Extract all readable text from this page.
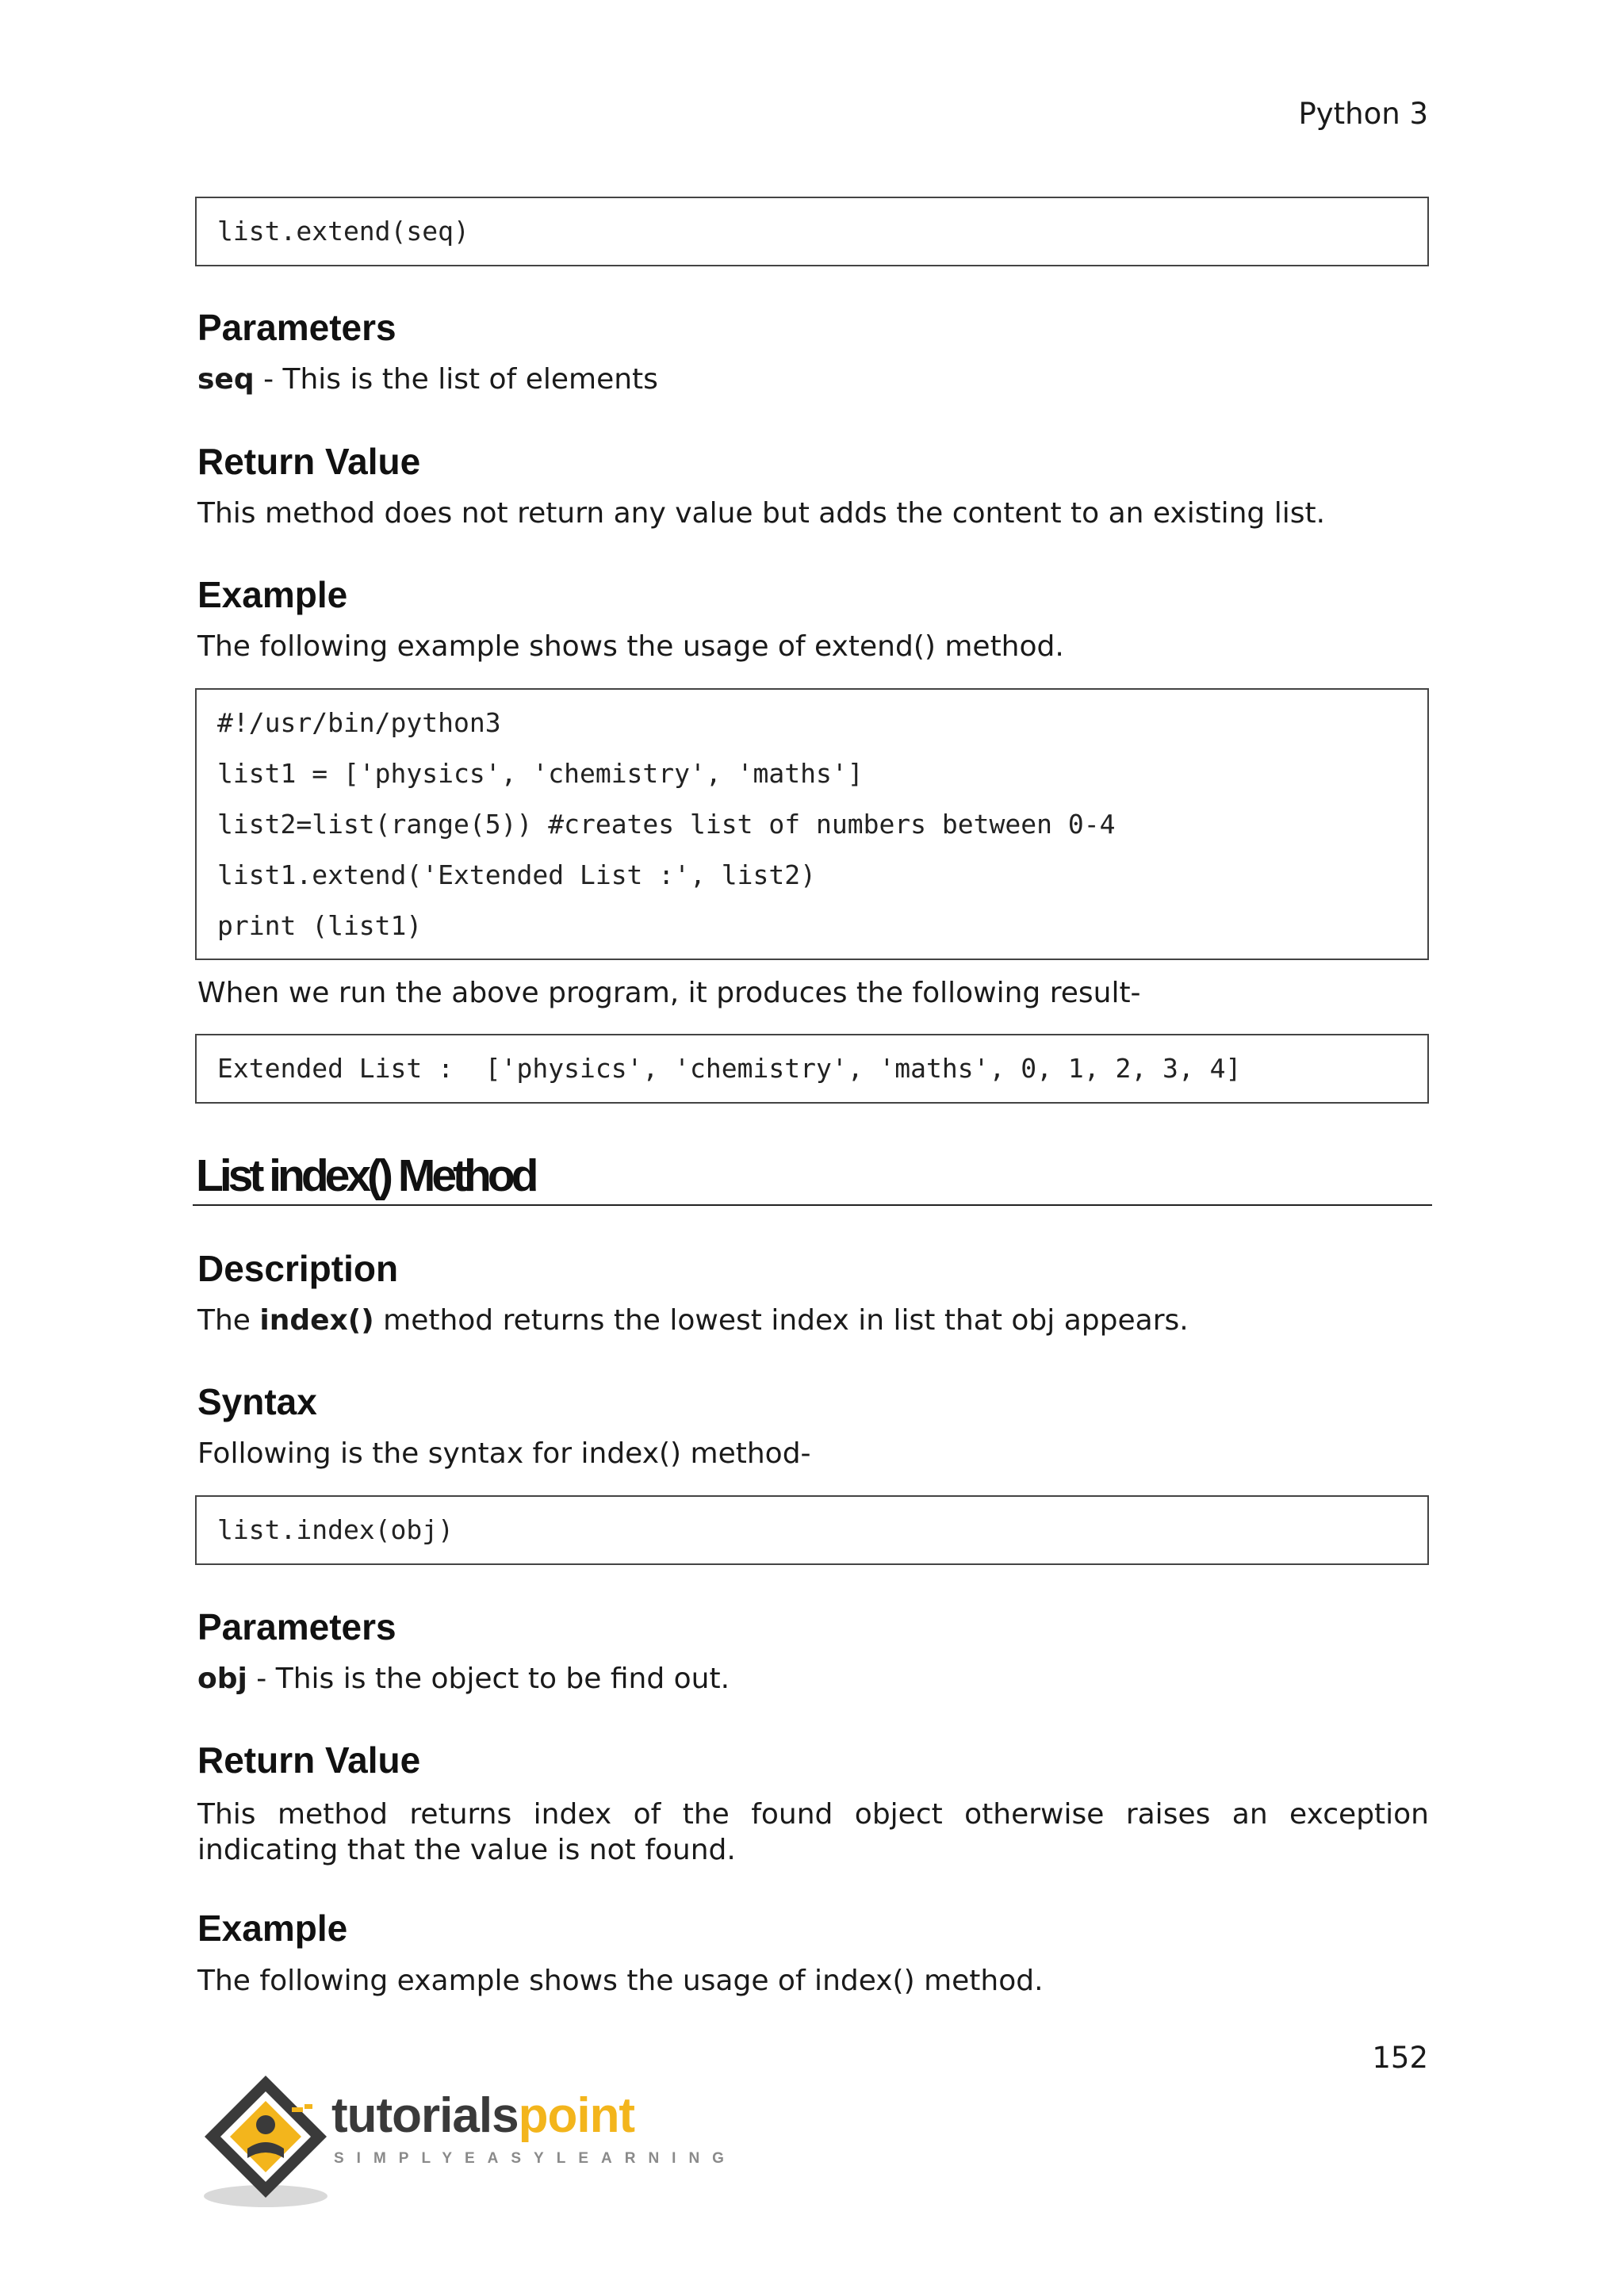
Python 3
list.extend(seq)
Parameters
seq - This is the list of elements
Return Value
This method does not return any value but adds the content to an existing list.
Example
The following example shows the usage of extend() method.
#!/usr/bin/python3
list1 = ['physics', 'chemistry', 'maths']
list2=list(range(5)) #creates list of numbers between 0-4
list1.extend('Extended List :', list2)
print (list1)
When we run the above program, it produces the following result-
Extended List :  ['physics', 'chemistry', 'maths', 0, 1, 2, 3, 4]
List index() Method
Description
The index() method returns the lowest index in list that obj appears.
Syntax
Following is the syntax for index() method-
list.index(obj)
Parameters
obj - This is the object to be find out.
Return Value
This method returns index of the found object otherwise raises an exception indicating that the value is not found.
Example
The following example shows the usage of index() method.
152
tutorialspoint
SIMPLYEASYLEARNING
